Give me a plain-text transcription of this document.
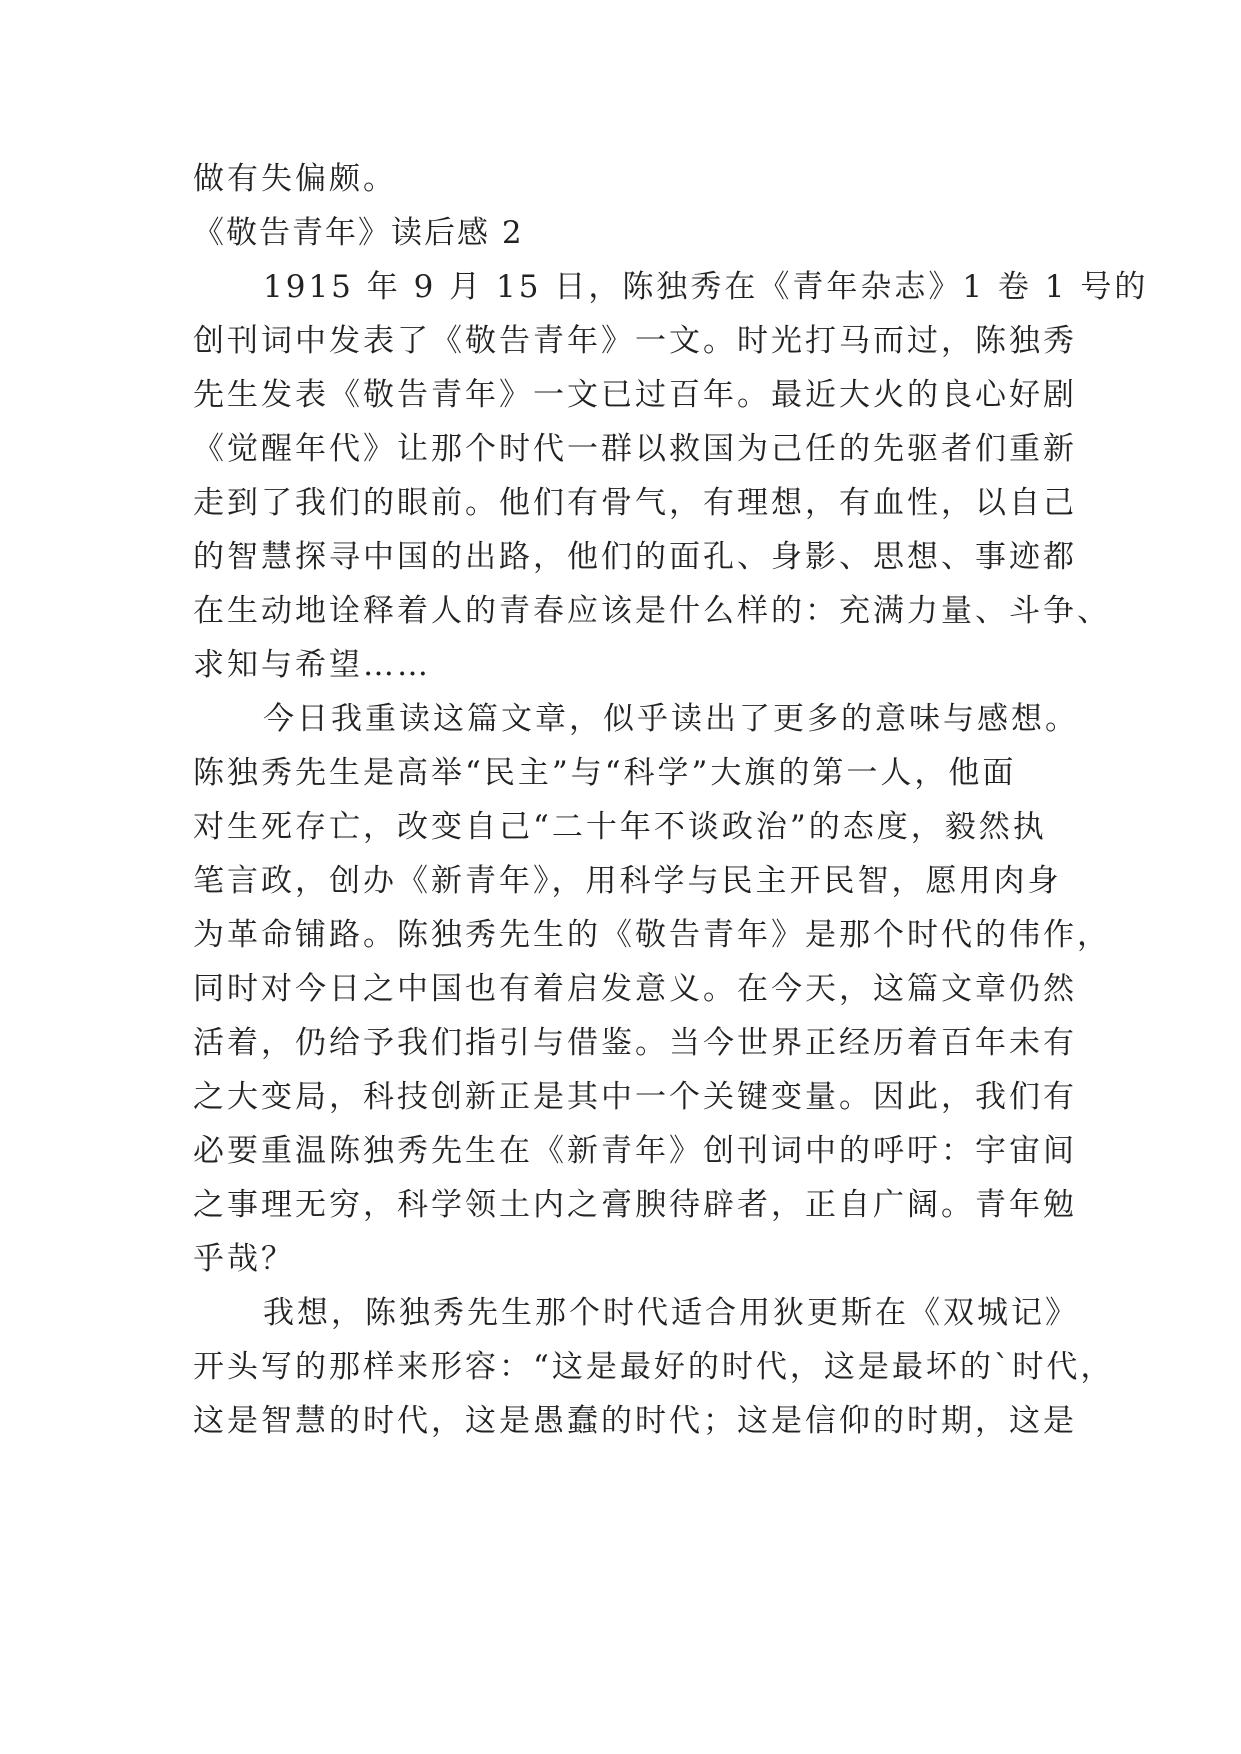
做有失偏颇。
《敬告青年》读后感 2
1915 年 9 月 15 日，陈独秀在《青年杂志》1 卷 1 号的
创刊词中发表了《敬告青年》一文。时光打马而过，陈独秀
先生发表《敬告青年》一文已过百年。最近大火的良心好剧
《觉醒年代》让那个时代一群以救国为己任的先驱者们重新
走到了我们的眼前。他们有骨气，有理想，有血性，以自己
的智慧探寻中国的出路，他们的面孔、身影、思想、事迹都
在生动地诠释着人的青春应该是什么样的：充满力量、斗争、
求知与希望……
今日我重读这篇文章，似乎读出了更多的意味与感想。
陈独秀先生是高举“民主”与“科学”大旗的第一人，他面
对生死存亡，改变自己“二十年不谈政治”的态度，毅然执
笔言政，创办《新青年》，用科学与民主开民智，愿用肉身
为革命铺路。陈独秀先生的《敬告青年》是那个时代的伟作，
同时对今日之中国也有着启发意义。在今天，这篇文章仍然
活着，仍给予我们指引与借鉴。当今世界正经历着百年未有
之大变局，科技创新正是其中一个关键变量。因此，我们有
必要重温陈独秀先生在《新青年》创刊词中的呼吁：宇宙间
之事理无穷，科学领土内之膏腴待辟者，正自广阔。青年勉
乎哉？
我想，陈独秀先生那个时代适合用狄更斯在《双城记》
开头写的那样来形容：“这是最好的时代，这是最坏的`时代，
这是智慧的时代，这是愚蠢的时代；这是信仰的时期，这是
